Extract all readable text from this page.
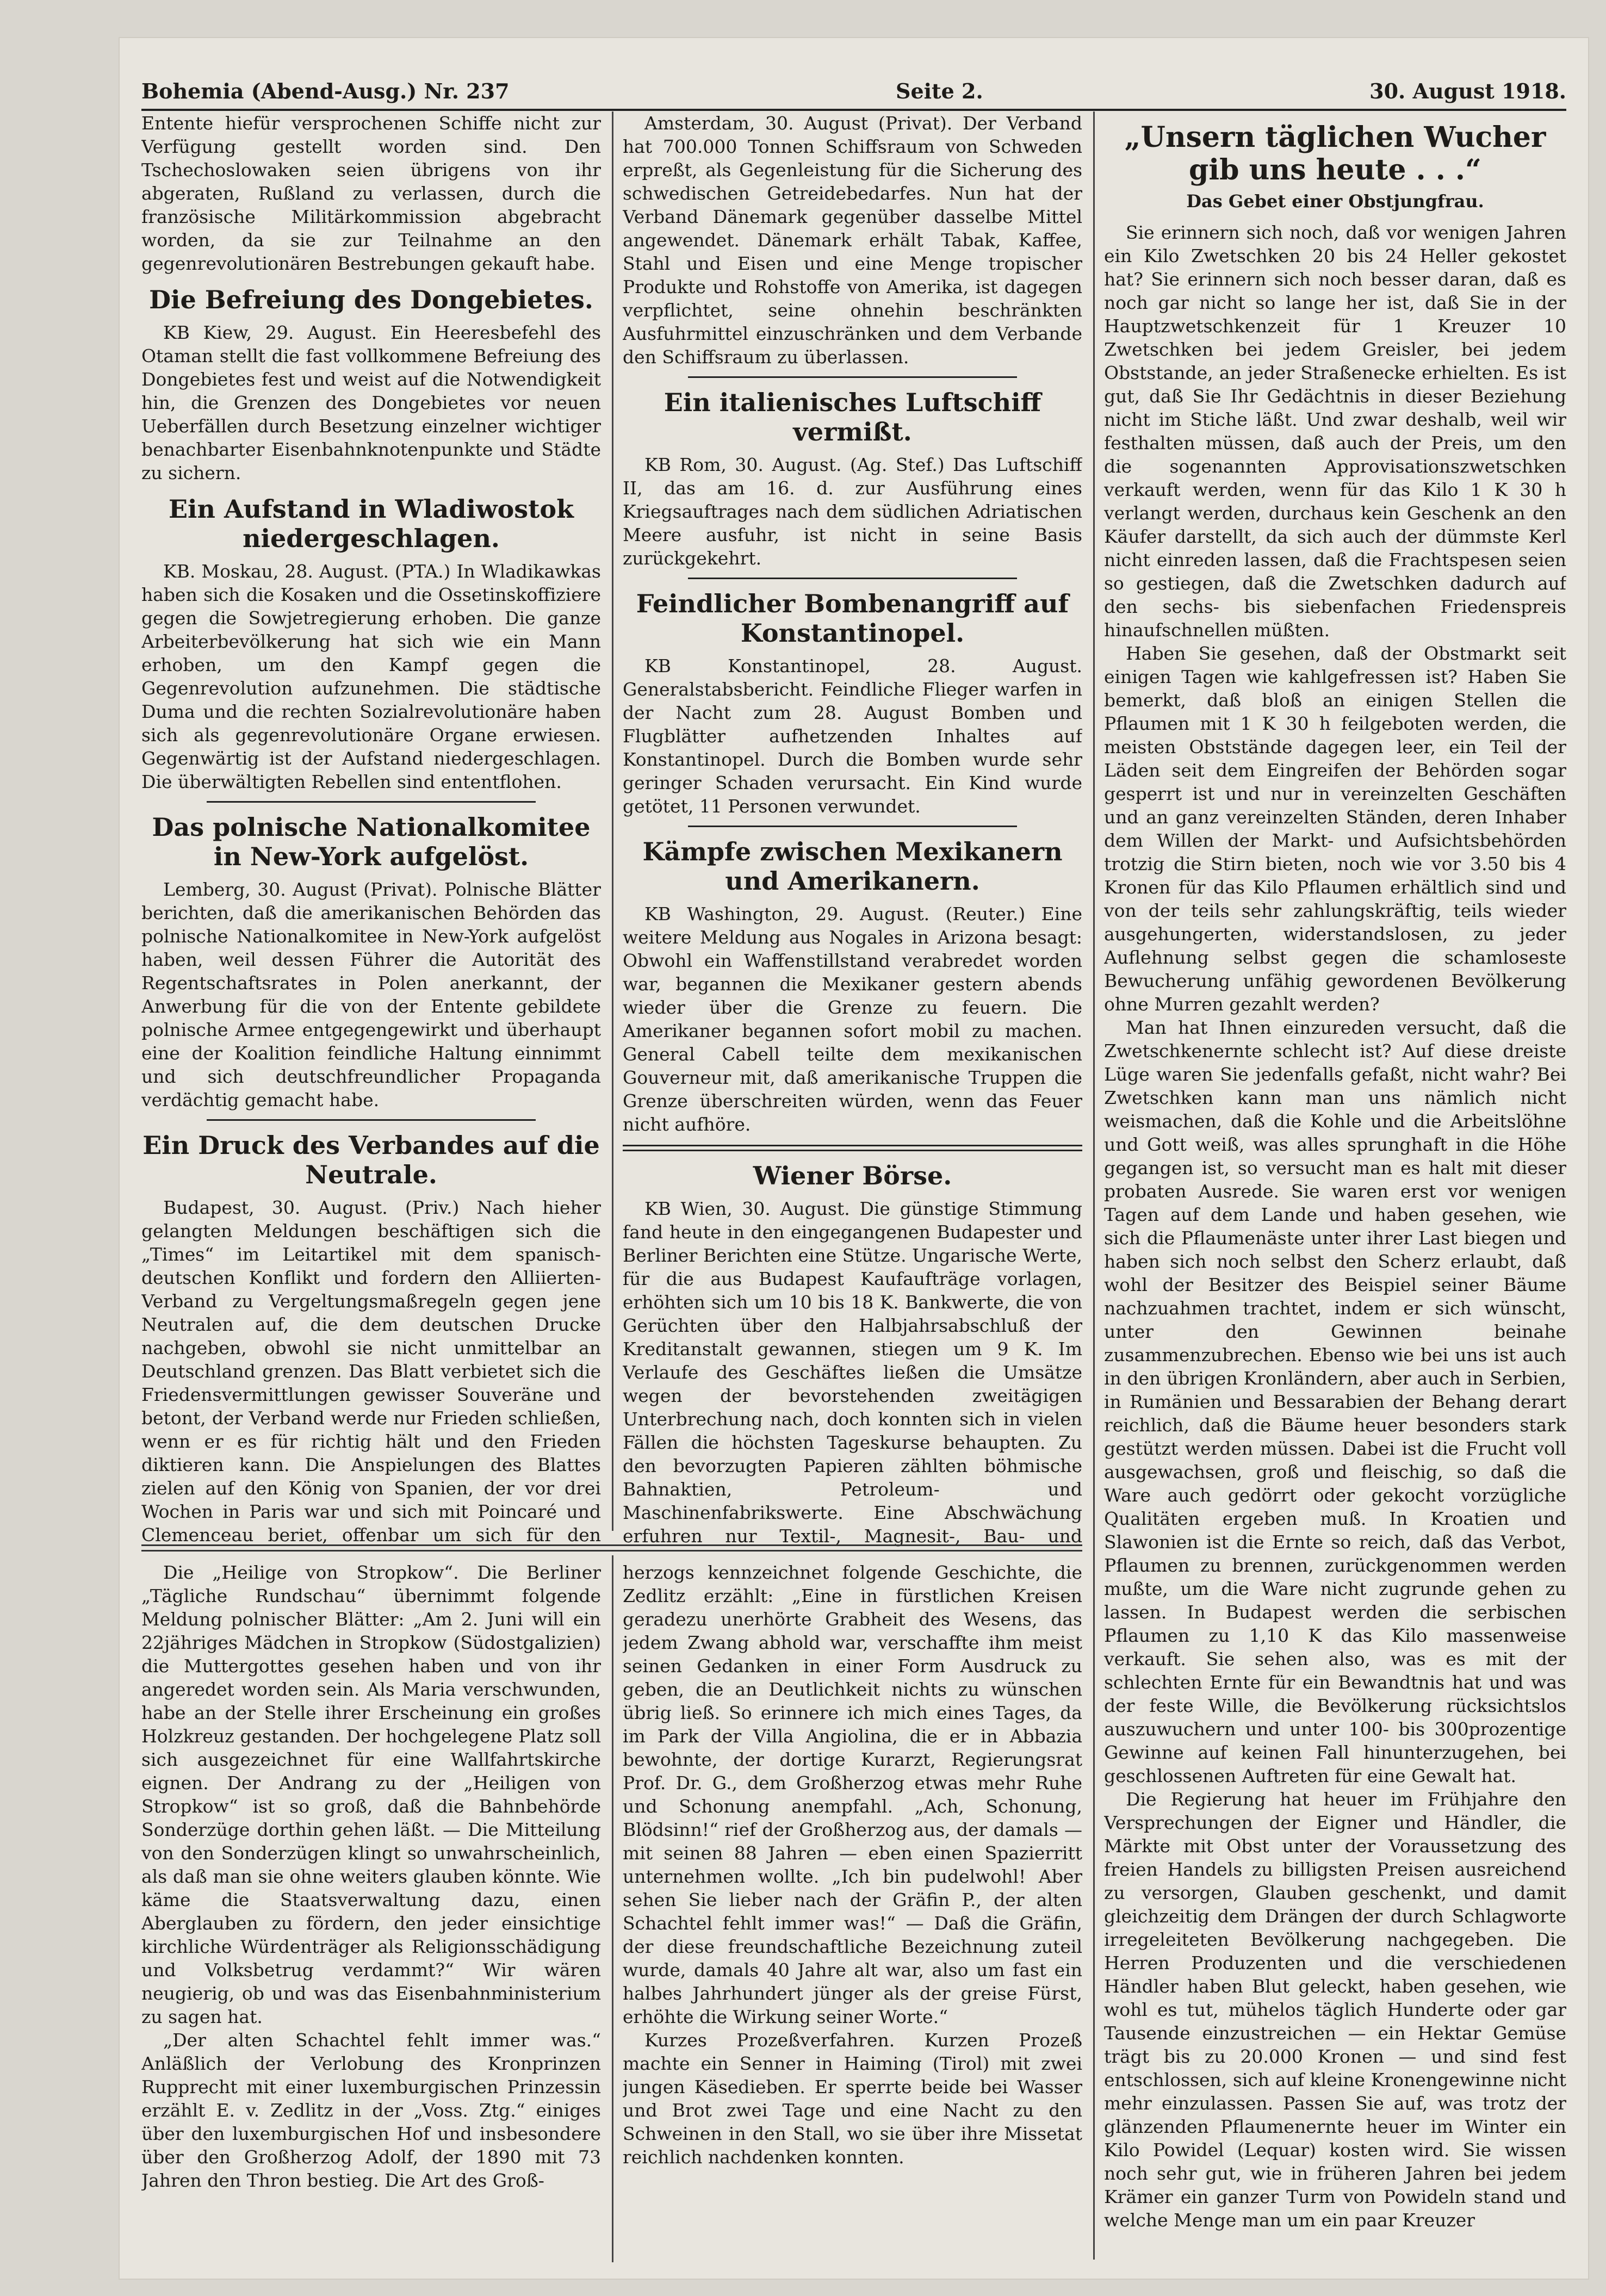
Bohemia (Abend-Ausg.) Nr. 237	Seite 2.	30. August 1918.

Entente hiefür versprochenen Schiffe nicht zur Verfügung gestellt worden sind. Den Tschechoslowaken seien übrigens von ihr abgeraten, Rußland zu verlassen, durch die französische Militärkommission abgebracht worden, da sie zur Teilnahme an den gegenrevolutionären Bestrebungen gekauft habe.

Die Befreiung des Dongebietes.

KB Kiew, 29. August. Ein Heeresbefehl des Otaman stellt die fast vollkommene Befreiung des Dongebietes fest und weist auf die Notwendigkeit hin, die Grenzen des Dongebietes vor neuen Ueberfällen durch Besetzung einzelner wichtiger benachbarter Eisenbahnknotenpunkte und Städte zu sichern.

Ein Aufstand in Wladiwostok niedergeschlagen.

KB. Moskau, 28. August. (PTA.) In Wladikawkas haben sich die Kosaken und die Ossetinskoffiziere gegen die Sowjetregierung erhoben. Die ganze Arbeiterbevölkerung hat sich wie ein Mann erhoben, um den Kampf gegen die Gegenrevolution aufzunehmen. Die städtische Duma und die rechten Sozialrevolutionäre haben sich als gegenrevolutionäre Organe erwiesen. Gegenwärtig ist der Aufstand niedergeschlagen. Die überwältigten Rebellen sind ententflohen.

Das polnische Nationalkomitee in New-York aufgelöst.

Lemberg, 30. August (Privat). Polnische Blätter berichten, daß die amerikanischen Behörden das polnische Nationalkomitee in New-York aufgelöst haben, weil dessen Führer die Autorität des Regentschaftsrates in Polen anerkannt, der Anwerbung für die von der Entente gebildete polnische Armee entgegengewirkt und überhaupt eine der Koalition feindliche Haltung einnimmt und sich deutschfreundlicher Propaganda verdächtig gemacht habe.

Ein Druck des Verbandes auf die Neutrale.

Budapest, 30. August. (Priv.) Nach hieher gelangten Meldungen beschäftigen sich die „Times“ im Leitartikel mit dem spanisch-deutschen Konflikt und fordern den Alliierten-Verband zu Vergeltungsmaßregeln gegen jene Neutralen auf, die dem deutschen Drucke nachgeben, obwohl sie nicht unmittelbar an Deutschland grenzen. Das Blatt verbietet sich die Friedensvermittlungen gewisser Souveräne und betont, der Verband werde nur Frieden schließen, wenn er es für richtig hält und den Frieden diktieren kann. Die Anspielungen des Blattes zielen auf den König von Spanien, der vor drei Wochen in Paris war und sich mit Poincaré und Clemenceau beriet, offenbar um sich für den

Amsterdam, 30. August (Privat). Der Verband hat 700.000 Tonnen Schiffsraum von Schweden erpreßt, als Gegenleistung für die Sicherung des schwedischen Getreidebedarfes. Nun hat der Verband Dänemark gegenüber dasselbe Mittel angewendet. Dänemark erhält Tabak, Kaffee, Stahl und Eisen und eine Menge tropischer Produkte und Rohstoffe von Amerika, ist dagegen verpflichtet, seine ohnehin beschränkten Ausfuhrmittel einzuschränken und dem Verbande den Schiffsraum zu überlassen.

Ein italienisches Luftschiff vermißt.

KB Rom, 30. August. (Ag. Stef.) Das Luftschiff II, das am 16. d. zur Ausführung eines Kriegsauftrages nach dem südlichen Adriatischen Meere ausfuhr, ist nicht in seine Basis zurückgekehrt.

Feindlicher Bombenangriff auf Konstantinopel.

KB Konstantinopel, 28. August. Generalstabsbericht. Feindliche Flieger warfen in der Nacht zum 28. August Bomben und Flugblätter aufhetzenden Inhaltes auf Konstantinopel. Durch die Bomben wurde sehr geringer Schaden verursacht. Ein Kind wurde getötet, 11 Personen verwundet.

Kämpfe zwischen Mexikanern und Amerikanern.

KB Washington, 29. August. (Reuter.) Eine weitere Meldung aus Nogales in Arizona besagt: Obwohl ein Waffenstillstand verabredet worden war, begannen die Mexikaner gestern abends wieder über die Grenze zu feuern. Die Amerikaner begannen sofort mobil zu machen. General Cabell teilte dem mexikanischen Gouverneur mit, daß amerikanische Truppen die Grenze überschreiten würden, wenn das Feuer nicht aufhöre.

Wiener Börse.

KB Wien, 30. August. Die günstige Stimmung fand heute in den eingegangenen Budapester und Berliner Berichten eine Stütze. Ungarische Werte, für die aus Budapest Kaufaufträge vorlagen, erhöhten sich um 10 bis 18 K. Bankwerte, die von Gerüchten über den Halbjahrsabschluß der Kreditanstalt gewannen, stiegen um 9 K. Im Verlaufe des Geschäftes ließen die Umsätze wegen der bevorstehenden zweitägigen Unterbrechung nach, doch konnten sich in vielen Fällen die höchsten Tageskurse behaupten. Zu den bevorzugten Papieren zählten böhmische Bahnaktien, Petroleum- und Maschinenfabrikswerte. Eine Abschwächung erfuhren nur Textil-, Magnesit-, Bau- und

„Unsern täglichen Wucher gib uns heute . . .“
Das Gebet einer Obstjungfrau.

Sie erinnern sich noch, daß vor wenigen Jahren ein Kilo Zwetschken 20 bis 24 Heller gekostet hat? Sie erinnern sich noch besser daran, daß es noch gar nicht so lange her ist, daß Sie in der Hauptzwetschkenzeit für 1 Kreuzer 10 Zwetschken bei jedem Greisler, bei jedem Obststande, an jeder Straßenecke erhielten. Es ist gut, daß Sie Ihr Gedächtnis in dieser Beziehung nicht im Stiche läßt. Und zwar deshalb, weil wir festhalten müssen, daß auch der Preis, um den die sogenannten Approvisationszwetschken verkauft werden, wenn für das Kilo 1 K 30 h verlangt werden, durchaus kein Geschenk an den Käufer darstellt, da sich auch der dümmste Kerl nicht einreden lassen, daß die Frachtspesen seien so gestiegen, daß die Zwetschken dadurch auf den sechs- bis siebenfachen Friedenspreis hinaufschnellen müßten.

Haben Sie gesehen, daß der Obstmarkt seit einigen Tagen wie kahlgefressen ist? Haben Sie bemerkt, daß bloß an einigen Stellen die Pflaumen mit 1 K 30 h feilgeboten werden, die meisten Obststände dagegen leer, ein Teil der Läden seit dem Eingreifen der Behörden sogar gesperrt ist und nur in vereinzelten Geschäften und an ganz vereinzelten Ständen, deren Inhaber dem Willen der Markt- und Aufsichtsbehörden trotzig die Stirn bieten, noch wie vor 3.50 bis 4 Kronen für das Kilo Pflaumen erhältlich sind und von der teils sehr zahlungskräftig, teils wieder ausgehungerten, widerstandslosen, zu jeder Auflehnung selbst gegen die schamloseste Bewucherung unfähig gewordenen Bevölkerung ohne Murren gezahlt werden?

Man hat Ihnen einzureden versucht, daß die Zwetschkenernte schlecht ist? Auf diese dreiste Lüge waren Sie jedenfalls gefaßt, nicht wahr? Bei Zwetschken kann man uns nämlich nicht weismachen, daß die Kohle und die Arbeitslöhne und Gott weiß, was alles sprunghaft in die Höhe gegangen ist, so versucht man es halt mit dieser probaten Ausrede. Sie waren erst vor wenigen Tagen auf dem Lande und haben gesehen, wie sich die Pflaumenäste unter ihrer Last biegen und haben sich noch selbst den Scherz erlaubt, daß wohl der Besitzer des Beispiel seiner Bäume nachzuahmen trachtet, indem er sich wünscht, unter den Gewinnen beinahe zusammenzubrechen. Ebenso wie bei uns ist auch in den übrigen Kronländern, aber auch in Serbien, in Rumänien und Bessarabien der Behang derart reichlich, daß die Bäume heuer besonders stark gestützt werden müssen. Dabei ist die Frucht voll ausgewachsen, groß und fleischig, so daß die Ware auch gedörrt oder gekocht vorzügliche Qualitäten ergeben muß. In Kroatien und Slawonien ist die Ernte so reich, daß das Verbot, Pflaumen zu brennen, zurückgenommen werden mußte, um die Ware nicht zugrunde gehen zu lassen. In Budapest werden die serbischen Pflaumen zu 1,10 K das Kilo massenweise verkauft. Sie sehen also, was es mit der schlechten Ernte für ein Bewandtnis hat und was der feste Wille, die Bevölkerung rücksichtslos auszuwuchern und unter 100- bis 300prozentige Gewinne auf keinen Fall hinunterzugehen, bei geschlossenen Auftreten für eine Gewalt hat.

Die Regierung hat heuer im Frühjahre den Versprechungen der Eigner und Händler, die Märkte mit Obst unter der Voraussetzung des freien Handels zu billigsten Preisen ausreichend zu versorgen, Glauben geschenkt, und damit gleichzeitig dem Drängen der durch Schlagworte irregeleiteten Bevölkerung nachgegeben. Die Herren Produzenten und die verschiedenen Händler haben Blut geleckt, haben gesehen, wie wohl es tut, mühelos täglich Hunderte oder gar Tausende einzustreichen — ein Hektar Gemüse trägt bis zu 20.000 Kronen — und sind fest entschlossen, sich auf kleine Kronengewinne nicht mehr einzulassen. Passen Sie auf, was trotz der glänzenden Pflaumenernte heuer im Winter ein Kilo Powidel (Lequar) kosten wird. Sie wissen noch sehr gut, wie in früheren Jahren bei jedem Krämer ein ganzer Turm von Powideln stand und welche Menge man um ein paar Kreuzer

Die „Heilige von Stropkow“. Die Berliner „Tägliche Rundschau“ übernimmt folgende Meldung polnischer Blätter: „Am 2. Juni will ein 22jähriges Mädchen in Stropkow (Südostgalizien) die Muttergottes gesehen haben und von ihr angeredet worden sein. Als Maria verschwunden, habe an der Stelle ihrer Erscheinung ein großes Holzkreuz gestanden. Der hochgelegene Platz soll sich ausgezeichnet für eine Wallfahrtskirche eignen. Der Andrang zu der „Heiligen von Stropkow“ ist so groß, daß die Bahnbehörde Sonderzüge dorthin gehen läßt. — Die Mitteilung von den Sonderzügen klingt so unwahrscheinlich, als daß man sie ohne weiters glauben könnte. Wie käme die Staatsverwaltung dazu, einen Aberglauben zu fördern, den jeder einsichtige kirchliche Würdenträger als Religionsschädigung und Volksbetrug verdammt?“ Wir wären neugierig, ob und was das Eisenbahnministerium zu sagen hat.

„Der alten Schachtel fehlt immer was.“ Anläßlich der Verlobung des Kronprinzen Rupprecht mit einer luxemburgischen Prinzessin erzählt E. v. Zedlitz in der „Voss. Ztg.“ einiges über den luxemburgischen Hof und insbesondere über den Großherzog Adolf, der 1890 mit 73 Jahren den Thron bestieg. Die Art des Groß-

herzogs kennzeichnet folgende Geschichte, die Zedlitz erzählt: „Eine in fürstlichen Kreisen geradezu unerhörte Grabheit des Wesens, das jedem Zwang abhold war, verschaffte ihm meist seinen Gedanken in einer Form Ausdruck zu geben, die an Deutlichkeit nichts zu wünschen übrig ließ. So erinnere ich mich eines Tages, da im Park der Villa Angiolina, die er in Abbazia bewohnte, der dortige Kurarzt, Regierungsrat Prof. Dr. G., dem Großherzog etwas mehr Ruhe und Schonung anempfahl. „Ach, Schonung, Blödsinn!“ rief der Großherzog aus, der damals — mit seinen 88 Jahren — eben einen Spazierritt unternehmen wollte. „Ich bin pudelwohl! Aber sehen Sie lieber nach der Gräfin P., der alten Schachtel fehlt immer was!“ — Daß die Gräfin, der diese freundschaftliche Bezeichnung zuteil wurde, damals 40 Jahre alt war, also um fast ein halbes Jahrhundert jünger als der greise Fürst, erhöhte die Wirkung seiner Worte.“

Kurzes Prozeßverfahren. Kurzen Prozeß machte ein Senner in Haiming (Tirol) mit zwei jungen Käsedieben. Er sperrte beide bei Wasser und Brot zwei Tage und eine Nacht zu den Schweinen in den Stall, wo sie über ihre Missetat reichlich nachdenken konnten.
